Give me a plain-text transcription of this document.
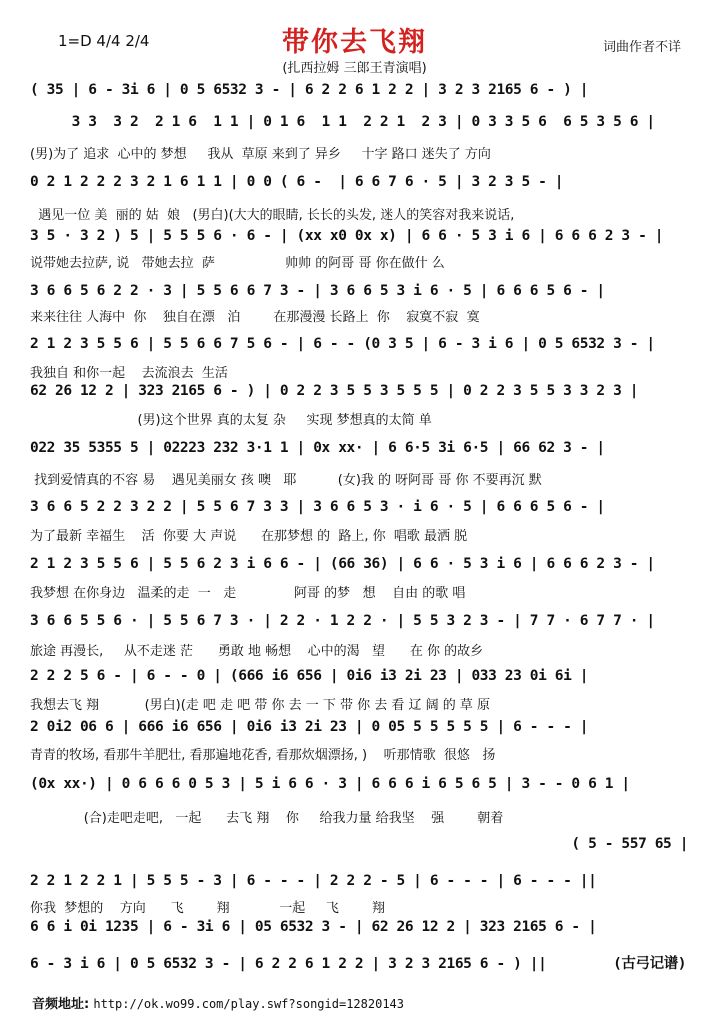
1=D 4/4 2/4	带你去飞翔	词曲作者不详
(扎西拉姆 三郎王青演唱)
( 35 | 6 - 3i 6 | 0 5 6532 3 - | 6 2 2 6 1 2 2 | 3 2 3 2165 6 - ) |
3 3  3 2  2 1 6  1 1 | 0 1 6  1 1  2 2 1  2 3 | 0 3 3 5 6  6 5 3 5 6 |
(男)为了 追求  心中的 梦想     我从  草原 来到了 异乡     十字 路口 迷失了 方向
0 2 1 2 2 2 3 2 1 6 1 1 | 0 0 ( 6 -  | 6 6 7 6 · 5 | 3 2 3 5 - |
遇见一位 美  丽的 姑  娘   (男白)(大大的眼睛, 长长的头发, 迷人的笑容对我来说话,
3 5 · 3 2 ) 5 | 5 5 5 6 · 6 - | (xx x0 0x x) | 6 6 · 5 3 i 6 | 6 6 6 2 3 - |
说带她去拉萨, 说   带她去拉  萨                 帅帅 的阿哥 哥 你在做什 么
3 6 6 5 6 2 2 · 3 | 5 5 6 6 7 3 - | 3 6 6 5 3 i 6 · 5 | 6 6 6 5 6 - |
来来往往 人海中  你    独自在漂   泊        在那漫漫 长路上  你    寂寞不寂  寞
2 1 2 3 5 5 6 | 5 5 6 6 7 5 6 - | 6 - - (0 3 5 | 6 - 3 i 6 | 0 5 6532 3 - |
我独自 和你一起    去流浪去  生活
62 26 12 2 | 323 2165 6 - ) | 0 2 2 3 5 5 3 5 5 5 | 0 2 2 3 5 5 3 3 2 3 |
(男)这个世界 真的太复 杂     实现 梦想真的太简 单
022 35 5355 5 | 02223 232 3·1 1 | 0x xx· | 6 6·5 3i 6·5 | 66 62 3 - |
找到爱情真的不容 易    遇见美丽女 孩 噢   耶          (女)我 的 呀阿哥 哥 你 不要再沉 默
3 6 6 5 2 2 3 2 2 | 5 5 6 7 3 3 | 3 6 6 5 3 · i 6 · 5 | 6 6 6 5 6 - |
为了最新 幸福生    活  你要 大 声说      在那梦想 的  路上, 你  唱歌 最洒 脱
2 1 2 3 5 5 6 | 5 5 6 2 3 i 6 6 - | (66 36) | 6 6 · 5 3 i 6 | 6 6 6 2 3 - |
我梦想 在你身边   温柔的走  一   走              阿哥 的梦   想    自由 的歌 唱
3 6 6 5 5 6 · | 5 5 6 7 3 · | 2 2 · 1 2 2 · | 5 5 3 2 3 - | 7 7 · 6 7 7 · |
旅途 再漫长,     从不走迷 茫      勇敢 地 畅想    心中的渴   望      在 你 的故乡
2 2 2 5 6 - | 6 - - 0 | (666 i6 656 | 0i6 i3 2i 23 | 033 23 0i 6i |
我想去飞 翔           (男白)(走 吧 走 吧 带 你 去 一 下 带 你 去 看 辽 阔 的 草 原
2 0i2 06 6 | 666 i6 656 | 0i6 i3 2i 23 | 0 05 5 5 5 5 5 | 6 - - - |
青青的牧场, 看那牛羊肥壮, 看那遍地花香, 看那炊烟漂扬, )    听那情歌  很悠   扬
(0x xx·) | 0 6 6 6 0 5 3 | 5 i 6 6 · 3 | 6 6 6 i 6 5 6 5 | 3 - - 0 6 1 |
(合)走吧走吧,   一起      去飞 翔    你     给我力量 给我坚    强        朝着
( 5 - 557 65 |
2 2 1 2 2 1 | 5 5 5 - 3 | 6 - - - | 2 2 2 - 5 | 6 - - - | 6 - - - ||
你我  梦想的    方向      飞        翔            一起     飞        翔
6 6 i 0i 1235 | 6 - 3i 6 | 05 6532 3 - | 62 26 12 2 | 323 2165 6 - |
6 - 3 i 6 | 0 5 6532 3 - | 6 2 2 6 1 2 2 | 3 2 3 2165 6 - ) ||        (古弓记谱)
音频地址: http://ok.wo99.com/play.swf?songid=12820143
